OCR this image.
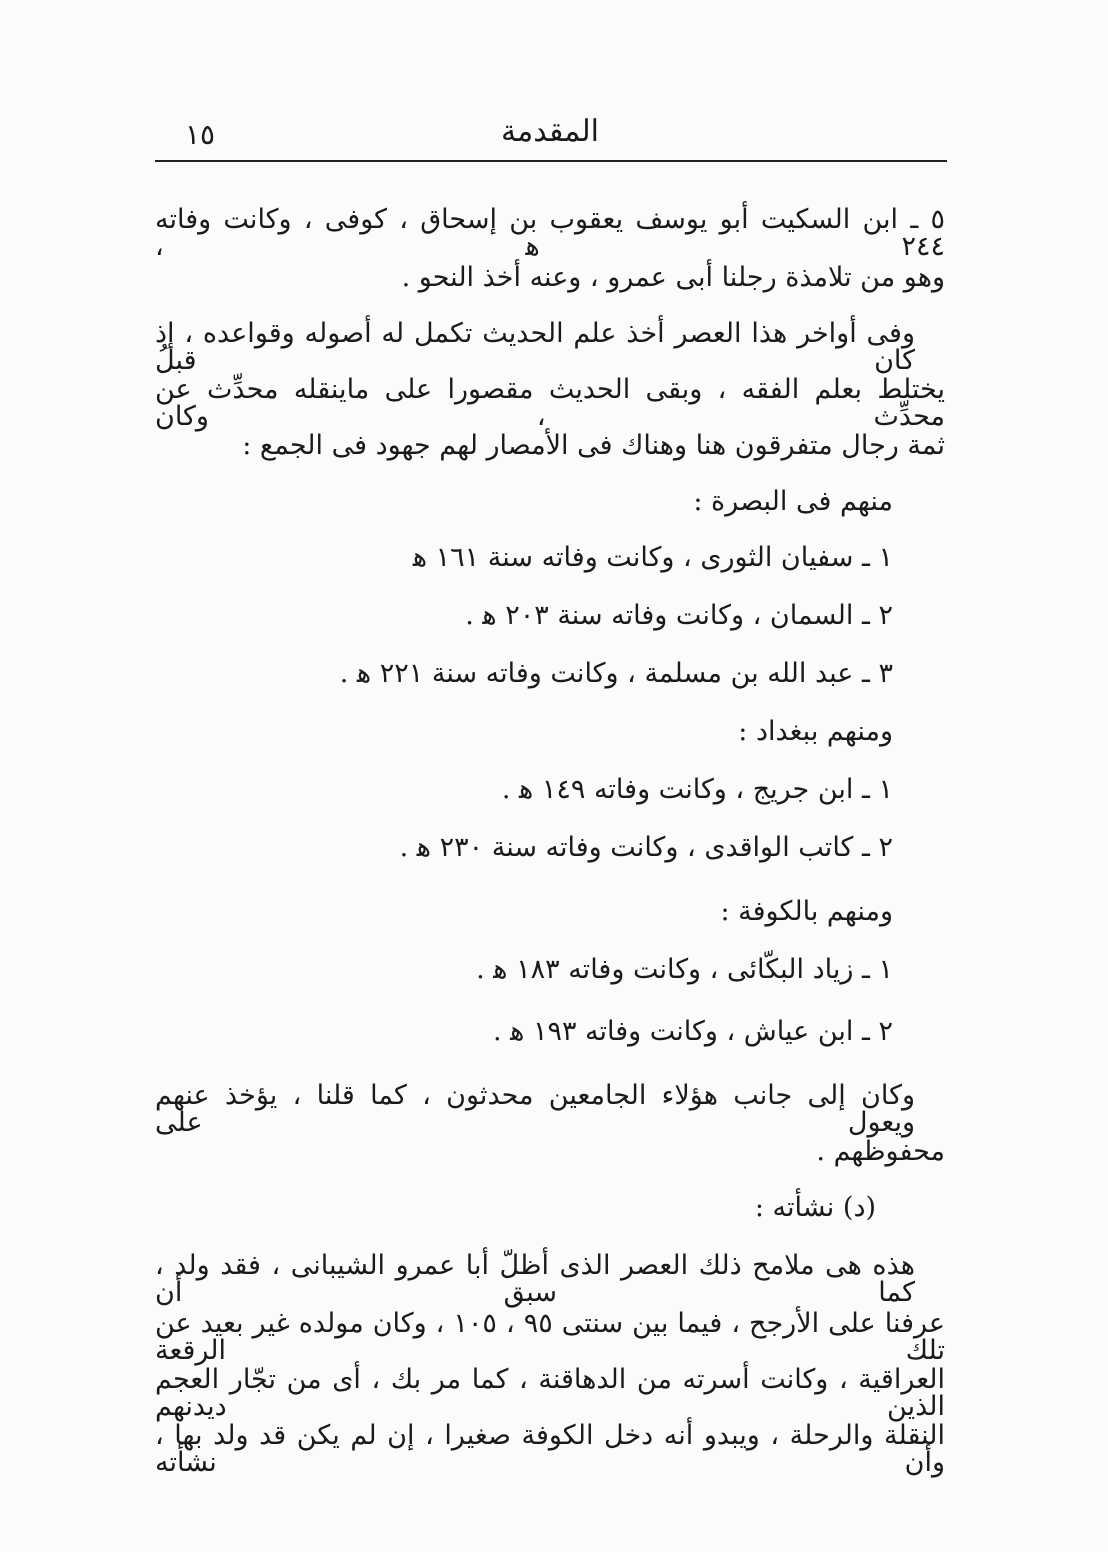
١٥	المقدمة
٥ ـ ابن السكيت أبو يوسف يعقوب بن إسحاق ، كوفى ، وكانت وفاته ٢٤٤ ﻫ ،
وهو من تلامذة رجلنا أبى عمرو ، وعنه أخذ النحو .
وفى أواخر هذا العصر أخذ علم الحديث تكمل له أصوله وقواعده ، إذ كان قبلُ
يختلط بعلم الفقه ، وبقى الحديث مقصورا على ماينقله محدِّث عن محدِّث ، وكان
ثمة رجال متفرقون هنا وهناك فى الأمصار لهم جهود فى الجمع :
منهم فى البصرة :
١ ـ سفيان الثورى ، وكانت وفاته سنة ١٦١ ﻫ
٢ ـ السمان ، وكانت وفاته سنة ٢٠٣ ﻫ .
٣ ـ عبد الله بن مسلمة ، وكانت وفاته سنة ٢٢١ ﻫ .
ومنهم ببغداد :
١ ـ ابن جريج ، وكانت وفاته ١٤٩ ﻫ .
٢ ـ كاتب الواقدى ، وكانت وفاته سنة ٢٣٠ ﻫ .
ومنهم بالكوفة :
١ ـ زياد البكّائى ، وكانت وفاته ١٨٣ ﻫ .
٢ ـ ابن عياش ، وكانت وفاته ١٩٣ ﻫ .
وكان إلى جانب هؤلاء الجامعين محدثون ، كما قلنا ، يؤخذ عنهم ويعول على
محفوظهم .
(د) نشأته :
هذه هى ملامح ذلك العصر الذى أظلّ أبا عمرو الشيبانى ، فقد ولد ، كما سبق أن
عرفنا على الأرجح ، فيما بين سنتى ٩٥ ، ١٠٥ ، وكان مولده غير بعيد عن تلك الرقعة
العراقية ، وكانت أسرته من الدهاقنة ، كما مر بك ، أى من تجّار العجم الذين ديدنهم
النقلة والرحلة ، ويبدو أنه دخل الكوفة صغيرا ، إن لم يكن قد ولد بها ، وأن نشأته
